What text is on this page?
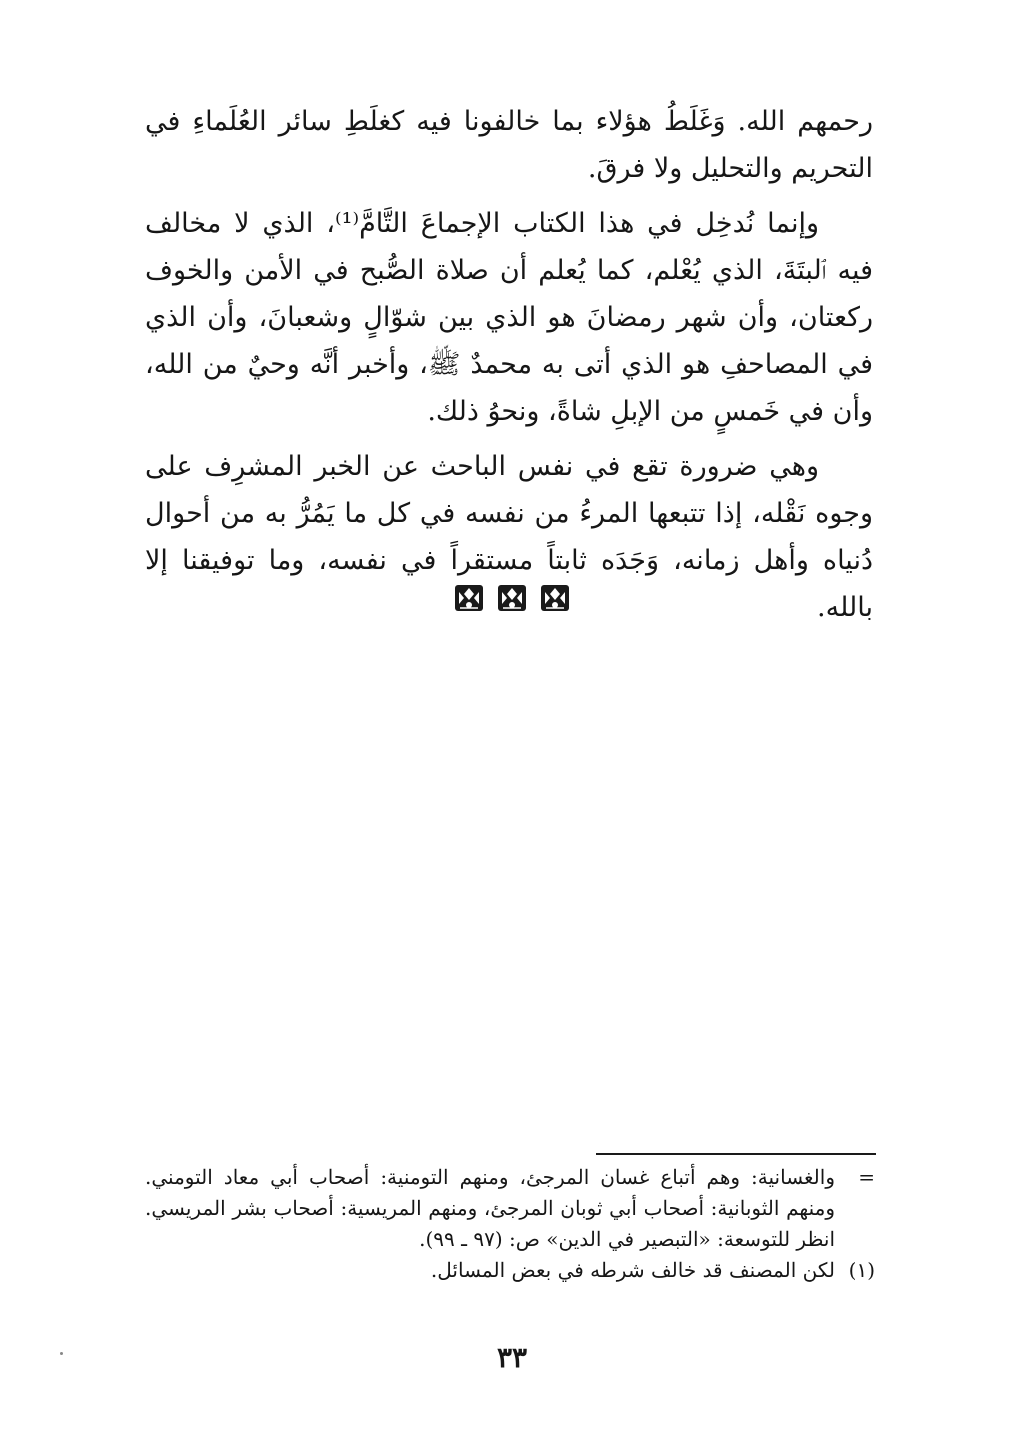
رحمهم الله. وَغَلَطُ هؤلاء بما خالفونا فيه كغلَطِ سائر العُلَماءِ في التحريم والتحليل ولا فرقَ.

وإنما نُدخِل في هذا الكتاب الإجماعَ التَّامَّ⁽¹⁾، الذي لا مخالف فيه ٱلبتَةَ، الذي يُعْلم، كما يُعلم أن صلاة الصُّبح في الأمن والخوف ركعتان، وأن شهر رمضانَ هو الذي بين شوّالٍ وشعبانَ، وأن الذي في المصاحفِ هو الذي أتى به محمدٌ ﷺ، وأخبر أنَّه وحيٌ من الله، وأن في خَمسٍ من الإبلِ شاةً، ونحوُ ذلك.

وهي ضرورة تقع في نفس الباحث عن الخبر المشرِف على وجوه نَقْله، إذا تتبعها المرءُ من نفسه في كل ما يَمُرُّ به من أحوال دُنياه وأهل زمانه، وَجَدَه ثابتاً مستقراً في نفسه، وما توفيقنا إلا بالله.

=
والغسانية: وهم أتباع غسان المرجئ، ومنهم التومنية: أصحاب أبي معاد التومني. ومنهم الثوبانية: أصحاب أبي ثوبان المرجئ، ومنهم المريسية: أصحاب بشر المريسي. انظر للتوسعة: «التبصير في الدين» ص: (٩٧ ـ ٩٩).
(١)
لكن المصنف قد خالف شرطه في بعض المسائل.
٣٣
